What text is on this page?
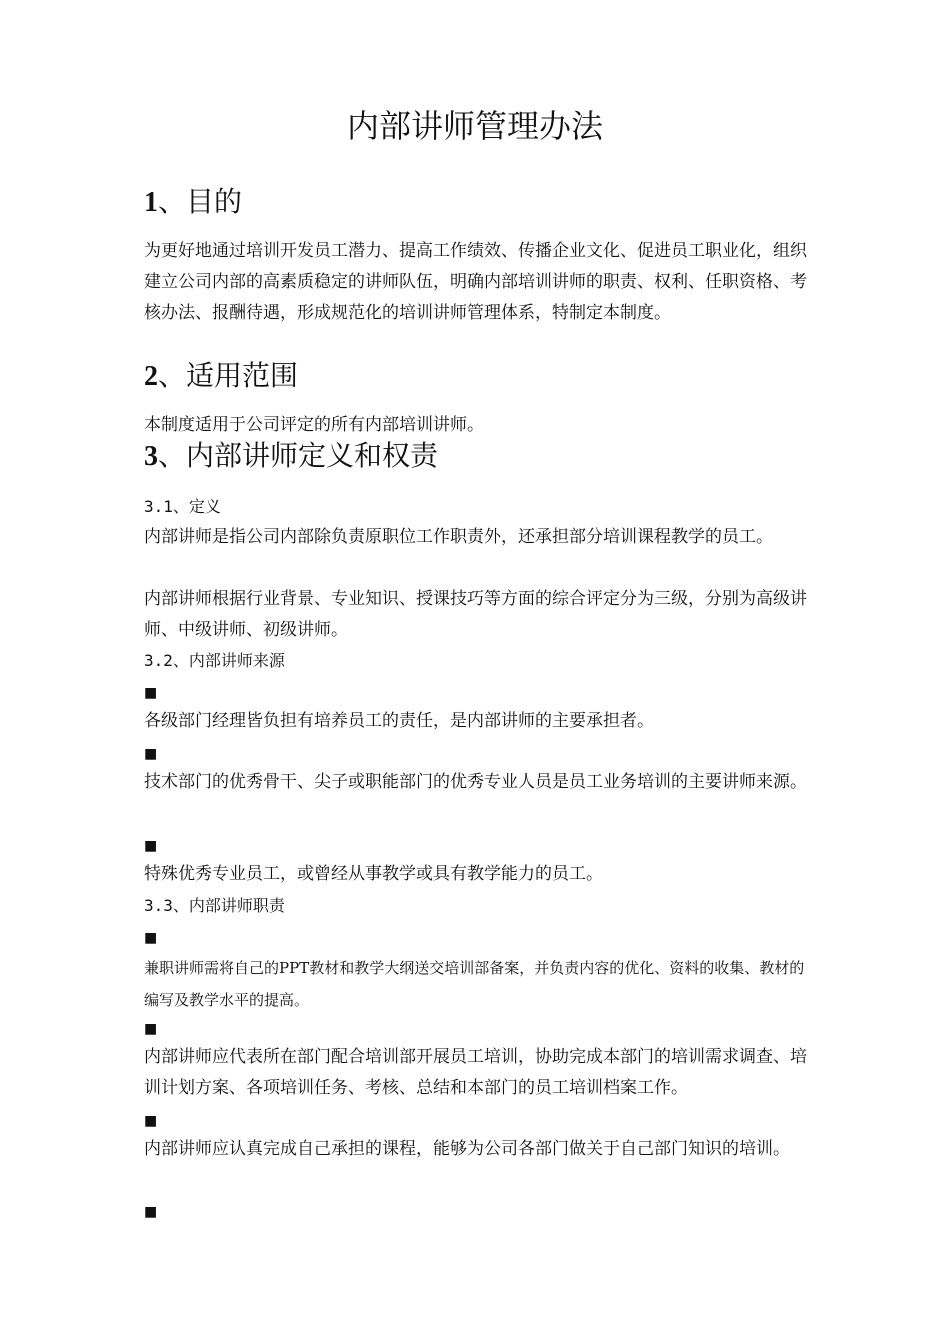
内部讲师管理办法
1、目的

为更好地通过培训开发员工潜力、提高工作绩效、传播企业文化、促进员工职业化，组织建立公司内部的高素质稳定的讲师队伍，明确内部培训讲师的职责、权利、任职资格、考核办法、报酬待遇，形成规范化的培训讲师管理体系，特制定本制度。

2、适用范围

本制度适用于公司评定的所有内部培训讲师。

3、内部讲师定义和权责

3.1、定义

内部讲师是指公司内部除负责原职位工作职责外，还承担部分培训课程教学的员工。

内部讲师根据行业背景、专业知识、授课技巧等方面的综合评定分为三级，分别为高级讲师、中级讲师、初级讲师。

3.2、内部讲师来源

■

各级部门经理皆负担有培养员工的责任，是内部讲师的主要承担者。

■

技术部门的优秀骨干、尖子或职能部门的优秀专业人员是员工业务培训的主要讲师来源。

■

特殊优秀专业员工，或曾经从事教学或具有教学能力的员工。

3.3、内部讲师职责

■

兼职讲师需将自己的PPT教材和教学大纲送交培训部备案，并负责内容的优化、资料的收集、教材的编写及教学水平的提高。

■

内部讲师应代表所在部门配合培训部开展员工培训，协助完成本部门的培训需求调查、培训计划方案、各项培训任务、考核、总结和本部门的员工培训档案工作。

■

内部讲师应认真完成自己承担的课程，能够为公司各部门做关于自己部门知识的培训。

■
